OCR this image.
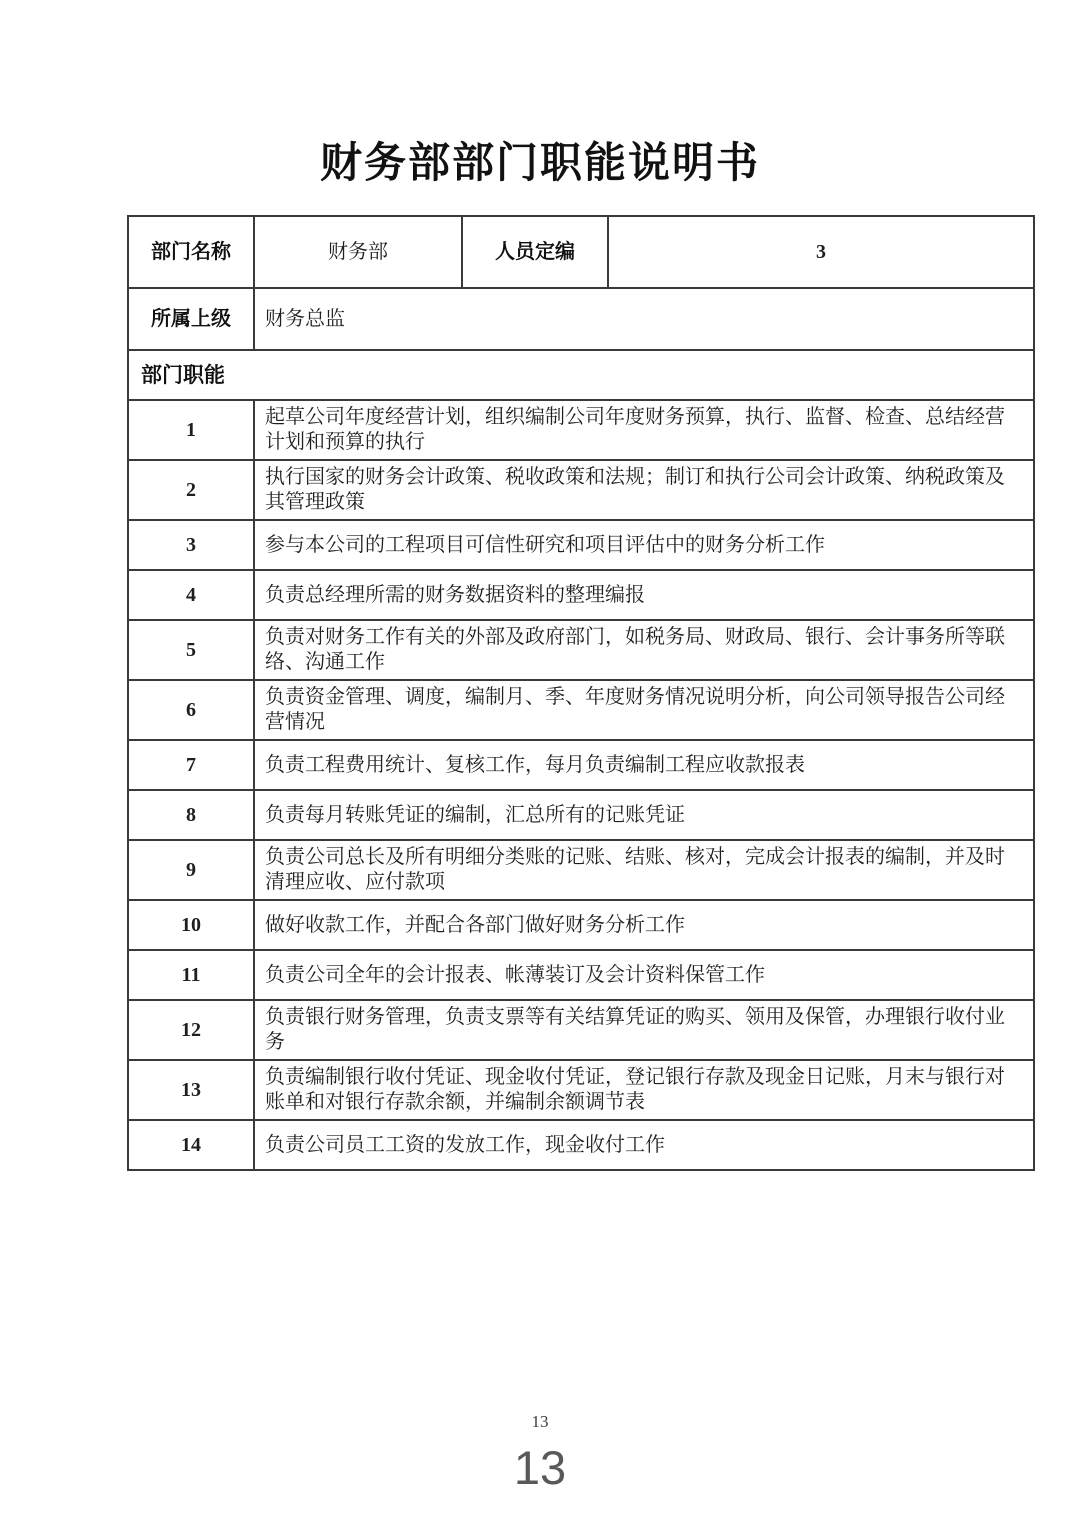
财务部部门职能说明书
部门名称	财务部	人员定编	3
所属上级	财务总监		
部门职能			
1	起草公司年度经营计划，组织编制公司年度财务预算，执行、监督、检查、总结经营计划和预算的执行		
2	执行国家的财务会计政策、税收政策和法规；制订和执行公司会计政策、纳税政策及其管理政策		
3	参与本公司的工程项目可信性研究和项目评估中的财务分析工作		
4	负责总经理所需的财务数据资料的整理编报		
5	负责对财务工作有关的外部及政府部门，如税务局、财政局、银行、会计事务所等联络、沟通工作		
6	负责资金管理、调度，编制月、季、年度财务情况说明分析，向公司领导报告公司经营情况		
7	负责工程费用统计、复核工作，每月负责编制工程应收款报表		
8	负责每月转账凭证的编制，汇总所有的记账凭证		
9	负责公司总长及所有明细分类账的记账、结账、核对，完成会计报表的编制，并及时清理应收、应付款项		
10	做好收款工作，并配合各部门做好财务分析工作		
11	负责公司全年的会计报表、帐薄装订及会计资料保管工作		
12	负责银行财务管理，负责支票等有关结算凭证的购买、领用及保管，办理银行收付业务		
13	负责编制银行收付凭证、现金收付凭证，登记银行存款及现金日记账，月末与银行对账单和对银行存款余额，并编制余额调节表		
14	负责公司员工工资的发放工作，现金收付工作		
13
13
